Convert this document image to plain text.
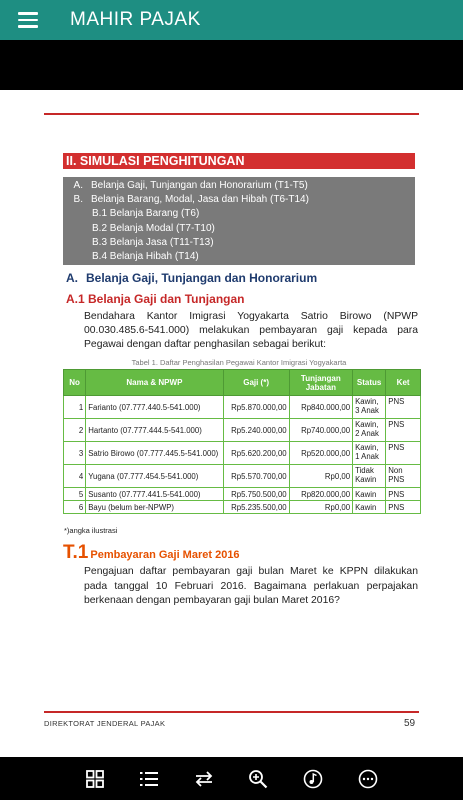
MAHIR PAJAK
II. SIMULASI PENGHITUNGAN
A. Belanja Gaji, Tunjangan dan Honorarium (T1-T5)
B. Belanja Barang, Modal, Jasa dan Hibah (T6-T14)
B.1 Belanja Barang (T6)
B.2 Belanja Modal (T7-T10)
B.3 Belanja Jasa (T11-T13)
B.4 Belanja Hibah (T14)
A. Belanja Gaji, Tunjangan dan Honorarium
A.1 Belanja Gaji dan Tunjangan
Bendahara Kantor Imigrasi Yogyakarta Satrio Birowo (NPWP 00.030.485.6-541.000) melakukan pembayaran gaji kepada para Pegawai dengan daftar penghasilan sebagai berikut:
Tabel 1. Daftar Penghasilan Pegawai Kantor Imigrasi Yogyakarta
No	Nama & NPWP	Gaji (*)	Tunjangan Jabatan	Status	Ket
1	Farianto (07.777.440.5-541.000)	Rp5.870.000,00	Rp840.000,00	Kawin, 3 Anak	PNS
2	Hartanto (07.777.444.5-541.000)	Rp5.240.000,00	Rp740.000,00	Kawin, 2 Anak	PNS
3	Satrio Birowo (07.777.445.5-541.000)	Rp5.620.200,00	Rp520.000,00	Kawin, 1 Anak	PNS
4	Yugana (07.777.454.5-541.000)	Rp5.570.700,00	Rp0,00	Tidak Kawin	Non PNS
5	Susanto (07.777.441.5-541.000)	Rp5.750.500,00	Rp820.000,00	Kawin	PNS
6	Bayu (belum ber-NPWP)	Rp5.235.500,00	Rp0,00	Kawin	PNS
*)angka ilustrasi
T.1 Pembayaran Gaji Maret 2016
Pengajuan daftar pembayaran gaji bulan Maret ke KPPN dilakukan pada tanggal 10 Februari 2016. Bagaimana perlakuan perpajakan berkenaan dengan pembayaran gaji bulan Maret 2016?
DIREKTORAT JENDERAL PAJAK	59
